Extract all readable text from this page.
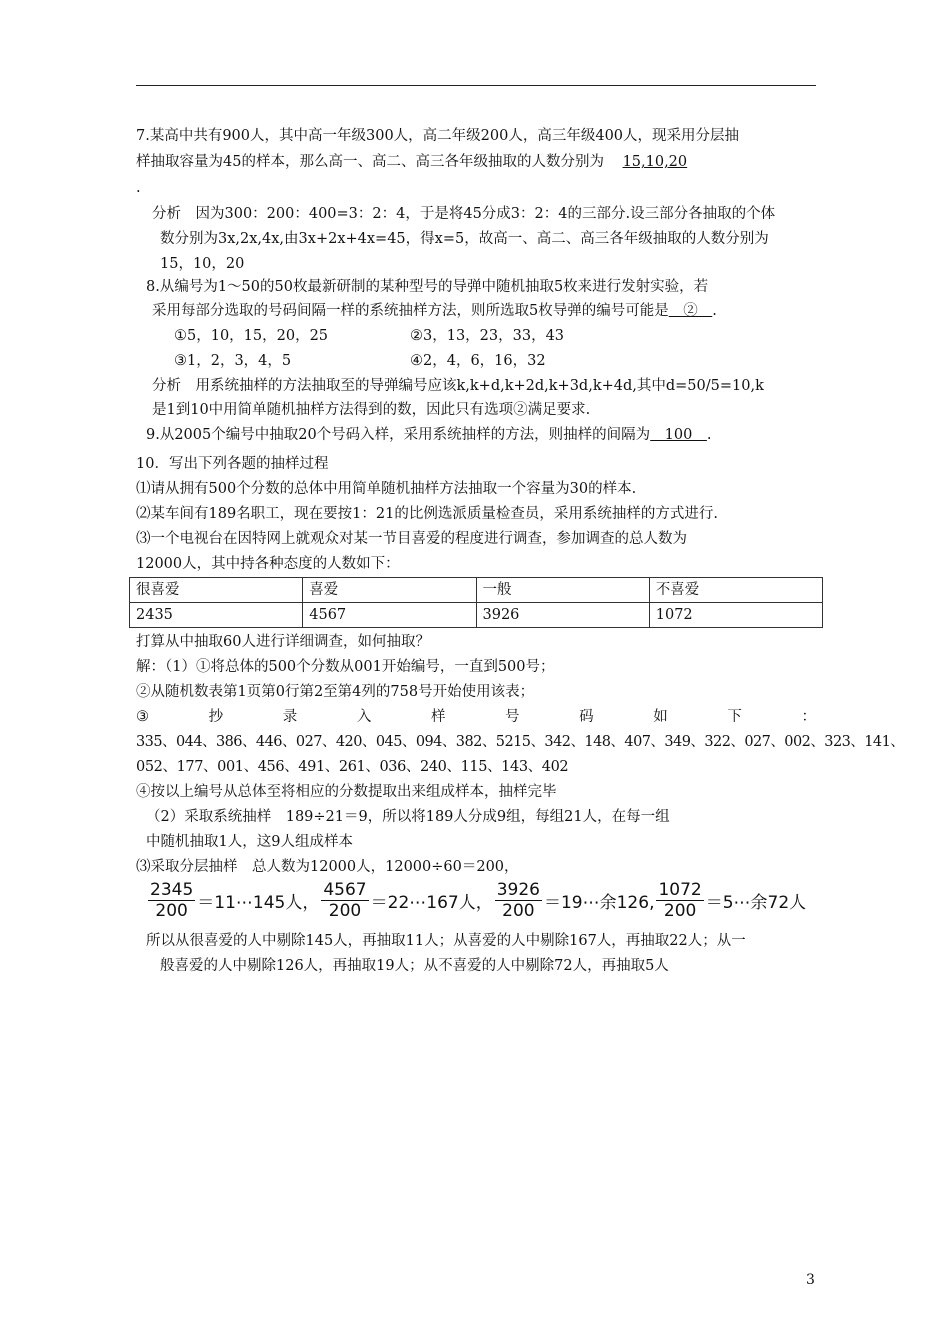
7.某高中共有900人，其中高一年级300人，高二年级200人，高三年级400人，现采用分层抽
样抽取容量为45的样本，那么高一、高二、高三各年级抽取的人数分别为 15,10,20
.
分析　因为300：200：400=3：2：4，于是将45分成3：2：4的三部分.设三部分各抽取的个体
数分别为3x,2x,4x,由3x+2x+4x=45，得x=5，故高一、高二、高三各年级抽取的人数分别为
15，10，20
8.从编号为1～50的50枚最新研制的某种型号的导弹中随机抽取5枚来进行发射实验，若
采用每部分选取的号码间隔一样的系统抽样方法，则所选取5枚导弹的编号可能是　②　.
①5，10，15，20，25	②3，13，23，33，43
③1，2，3，4，5	④2，4，6，16，32
分析　用系统抽样的方法抽取至的导弹编号应该k,k+d,k+2d,k+3d,k+4d,其中d=50/5=10,k
是1到10中用简单随机抽样方法得到的数，因此只有选项②满足要求.
9.从2005个编号中抽取20个号码入样，采用系统抽样的方法，则抽样的间隔为　100　.
10．写出下列各题的抽样过程
⑴请从拥有500个分数的总体中用简单随机抽样方法抽取一个容量为30的样本.
⑵某车间有189名职工，现在要按1：21的比例选派质量检查员，采用系统抽样的方式进行.
⑶一个电视台在因特网上就观众对某一节目喜爱的程度进行调查，参加调查的总人数为
12000人，其中持各种态度的人数如下：
很喜爱	喜爱	一般	不喜爱
2435	4567	3926	1072
打算从中抽取60人进行详细调查，如何抽取？
解：（1）①将总体的500个分数从001开始编号，一直到500号；
②从随机数表第1页第0行第2至第4列的758号开始使用该表；
③	抄	录	入	样	号	码	如	下	：
335、044、386、446、027、420、045、094、382、5215、342、148、407、349、322、027、002、323、141、
052、177、001、456、491、261、036、240、115、143、402
④按以上编号从总体至将相应的分数提取出来组成样本，抽样完毕
（2）采取系统抽样　189÷21＝9，所以将189人分成9组，每组21人，在每一组
中随机抽取1人，这9人组成样本
⑶采取分层抽样　总人数为12000人，12000÷60＝200，
$\frac{2345}{200}$ ＝11⋯145人， $\frac{4567}{200}$ ＝22⋯167人， $\frac{3926}{200}$ ＝19⋯余126, $\frac{1072}{200}$ ＝5⋯余72人
所以从很喜爱的人中剔除145人，再抽取11人；从喜爱的人中剔除167人，再抽取22人；从一
般喜爱的人中剔除126人，再抽取19人；从不喜爱的人中剔除72人，再抽取5人
3
